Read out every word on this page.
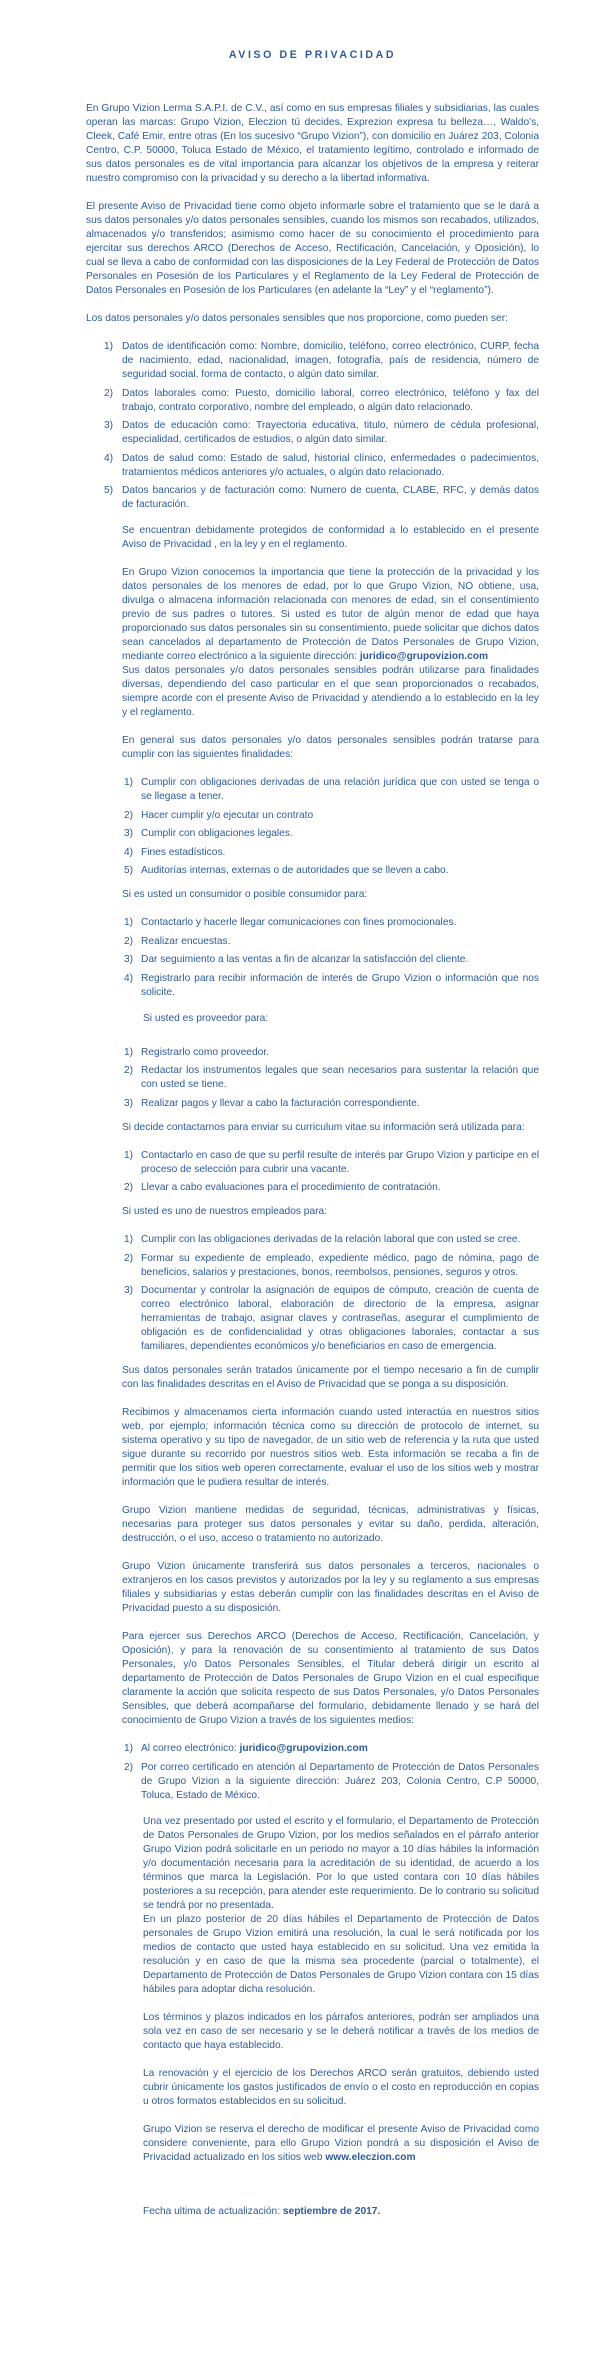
AVISO DE PRIVACIDAD

En Grupo Vizion Lerma S.A.P.I. de C.V., así como en sus empresas filiales y subsidiarias, las cuales operan las marcas: Grupo Vizion, Eleczion tú decides, Exprezion expresa tu belleza…, Waldo's, Cleek, Café Emir, entre otras (En los sucesivo “Grupo Vizion”), con domicilio en Juárez 203, Colonia Centro, C.P. 50000, Toluca Estado de México, el tratamiento legítimo, controlado e informado de sus datos personales es de vital importancia para alcanzar los objetivos de la empresa y reiterar nuestro compromiso con la privacidad y su derecho a la libertad informativa.

El presente Aviso de Privacidad tiene como objeto informarle sobre el tratamiento que se le dará a sus datos personales y/o datos personales sensibles, cuando los mismos son recabados, utilizados, almacenados y/o transferidos; asimismo como hacer de su conocimiento el procedimiento para ejercitar sus derechos ARCO (Derechos de Acceso, Rectificación, Cancelación, y Oposición), lo cual se lleva a cabo de conformidad con las disposiciones de la Ley Federal de Protección de Datos Personales en Posesión de los Particulares y el Reglamento de la Ley Federal de Protección de Datos Personales en Posesión de los Particulares (en adelante la “Ley” y el “reglamento”).

Los datos personales y/o datos personales sensibles que nos proporcione, como pueden ser:

1) Datos de identificación como: Nombre, domicilio, teléfono, correo electrónico, CURP, fecha de nacimiento, edad, nacionalidad, imagen, fotografía, país de residencia, número de seguridad social, forma de contacto, o algún dato similar.
2) Datos laborales como: Puesto, domicilio laboral, correo electrónico, teléfono y fax del trabajo, contrato corporativo, nombre del empleado, o algún dato relacionado.
3) Datos de educación como: Trayectoria educativa, titulo, número de cédula profesional, especialidad, certificados de estudios, o algún dato similar.
4) Datos de salud como: Estado de salud, historial clínico, enfermedades o padecimientos, tratamientos médicos anteriores y/o actuales, o algún dato relacionado.
5) Datos bancarios y de facturación como: Numero de cuenta, CLABE, RFC, y demás datos de facturación.

Se encuentran debidamente protegidos de conformidad a lo establecido en el presente Aviso de Privacidad , en la ley y en el reglamento.

En Grupo Vizion conocemos la importancia que tiene la protección de la privacidad y los datos personales de los menores de edad, por lo que Grupo Vizion, NO obtiene, usa, divulga o almacena información relacionada con menores de edad, sin el consentimiento previo de sus padres o tutores. Si usted es tutor de algún menor de edad que haya proporcionado sus datos personales sin su consentimiento, puede solicitar que dichos datos sean cancelados al departamento de Protección de Datos Personales de Grupo Vizion, mediante correo electrónico a la siguiente dirección: juridico@grupovizion.com

Sus datos personales y/o datos personales sensibles podrán utilizarse para finalidades diversas, dependiendo del caso particular en el que sean proporcionados o recabados, siempre acorde con el presente Aviso de Privacidad y atendiendo a lo establecido en la ley y el reglamento.

En general sus datos personales y/o datos personales sensibles podrán tratarse para cumplir con las siguientes finalidades:

1) Cumplir con obligaciones derivadas de una relación jurídica que con usted se tenga o se llegase a tener.
2) Hacer cumplir y/o ejecutar un contrato
3) Cumplir con obligaciones legales.
4) Fines estadísticos.
5) Auditorías internas, externas o de autoridades que se lleven a cabo.

Si es usted un consumidor o posible consumidor para:

1) Contactarlo y hacerle llegar comunicaciones con fines promocionales.
2) Realizar encuestas.
3) Dar seguimiento a las ventas a fin de alcanzar la satisfacción del cliente.
4) Registrarlo para recibir información de interés de Grupo Vizion o información que nos solicite.

Si usted es proveedor para:

1) Registrarlo como proveedor.
2) Redactar los instrumentos legales que sean necesarios para sustentar la relación que con usted se tiene.
3) Realizar pagos y llevar a cabo la facturación correspondiente.

Si decide contactarnos para enviar su curriculum vitae su información será utilizada para:

1) Contactarlo en caso de que su perfil resulte de interés par Grupo Vizion y participe en el proceso de selección para cubrir una vacante.
2) Llevar a cabo evaluaciones para el procedimiento de contratación.

Si usted es uno de nuestros empleados para:

1) Cumplir con las obligaciones derivadas de la relación laboral que con usted se cree.
2) Formar su expediente de empleado, expediente médico, pago de nómina, pago de beneficios, salarios y prestaciones, bonos, reembolsos, pensiones, seguros y otros.
3) Documentar y controlar la asignación de equipos de cómputo, creación de cuenta de correo electrónico laboral, elaboración de directorio de la empresa, asignar herramientas de trabajo, asignar claves y contraseñas, asegurar el cumplimiento de obligación es de confidencialidad y otras obligaciones laborales, contactar a sus familiares, dependientes económicos y/o beneficiarios en caso de emergencia.

Sus datos personales serán tratados únicamente por el tiempo necesario a fin de cumplir con las finalidades descritas en el Aviso de Privacidad que se ponga a su disposición.

Recibimos y almacenamos cierta información cuando usted interactúa en nuestros sitios web, por ejemplo; información técnica como su dirección de protocolo de internet, su sistema operativo y su tipo de navegador, de un sitio web de referencia y la ruta que usted sigue durante su recorrido por nuestros sitios web. Esta información se recaba a fin de permitir que los sitios web operen correctamente, evaluar el uso de los sitios web y mostrar información que le pudiera resultar de interés.

Grupo Vizion mantiene medidas de seguridad, técnicas, administrativas y físicas, necesarias para proteger sus datos personales y evitar su daño, perdida, alteración, destrucción, o el uso, acceso o tratamiento no autorizado.

Grupo Vizion únicamente transferirá sus datos personales a terceros, nacionales o extranjeros en los casos previstos y autorizados por la ley y su reglamento a sus empresas filiales y subsidiarias y estas deberán cumplir con las finalidades descritas en el Aviso de Privacidad puesto a su disposición.

Para ejercer sus Derechos ARCO (Derechos de Acceso, Rectificación, Cancelación, y Oposición), y para la renovación de su consentimiento al tratamiento de sus Datos Personales, y/o Datos Personales Sensibles, el Titular deberá dirigir un escrito al departamento de Protección de Datos Personales de Grupo Vizion en el cual especifique claramente la acción que solicita respecto de sus Datos Personales, y/o Datos Personales Sensibles, que deberá acompañarse del formulario, debidamente llenado y se hará del conocimiento de Grupo Vizion a través de los siguientes medios:

1) Al correo electrónico: juridico@grupovizion.com
2) Por correo certificado en atención al Departamento de Protección de Datos Personales de Grupo Vizion a la siguiente dirección: Juárez 203, Colonia Centro, C.P 50000, Toluca, Estado de México.

Una vez presentado por usted el escrito y el formulario, el Departamento de Protección de Datos Personales de Grupo Vizion, por los medios señalados en el párrafo anterior Grupo Vizion podrá solicitarle en un periodo no mayor a 10 días hábiles la información y/o documentación necesaria para la acreditación de su identidad, de acuerdo a los términos que marca la Legislación. Por lo que usted contara con 10 días hábiles posteriores a su recepción, para atender este requerimiento. De lo contrario su solicitud se tendrá por no presentada.

En un plazo posterior de 20 días hábiles el Departamento de Protección de Datos personales de Grupo Vizion emitirá una resolución, la cual le será notificada por los medios de contacto que usted haya establecido en su solicitud. Una vez emitida la resolución y en caso de que la misma sea procedente (parcial o totalmente), el Departamento de Protección de Datos Personales de Grupo Vizion contara con 15 días hábiles para adoptar dicha resolución.

Los términos y plazos indicados en los párrafos anteriores, podrán ser ampliados una sola vez en caso de ser necesario y se le deberá notificar a través de los medios de contacto que haya establecido.

La renovación y el ejercicio de los Derechos ARCO serán gratuitos, debiendo usted cubrir únicamente los gastos justificados de envío o el costo en reproducción en copias u otros formatos establecidos en su solicitud.

Grupo Vizion se reserva el derecho de modificar el presente Aviso de Privacidad como considere conveniente, para ello Grupo Vizion pondrá a su disposición el Aviso de Privacidad actualizado en los sitios web www.eleczion.com

Fecha ultima de actualización: septiembre de 2017.
